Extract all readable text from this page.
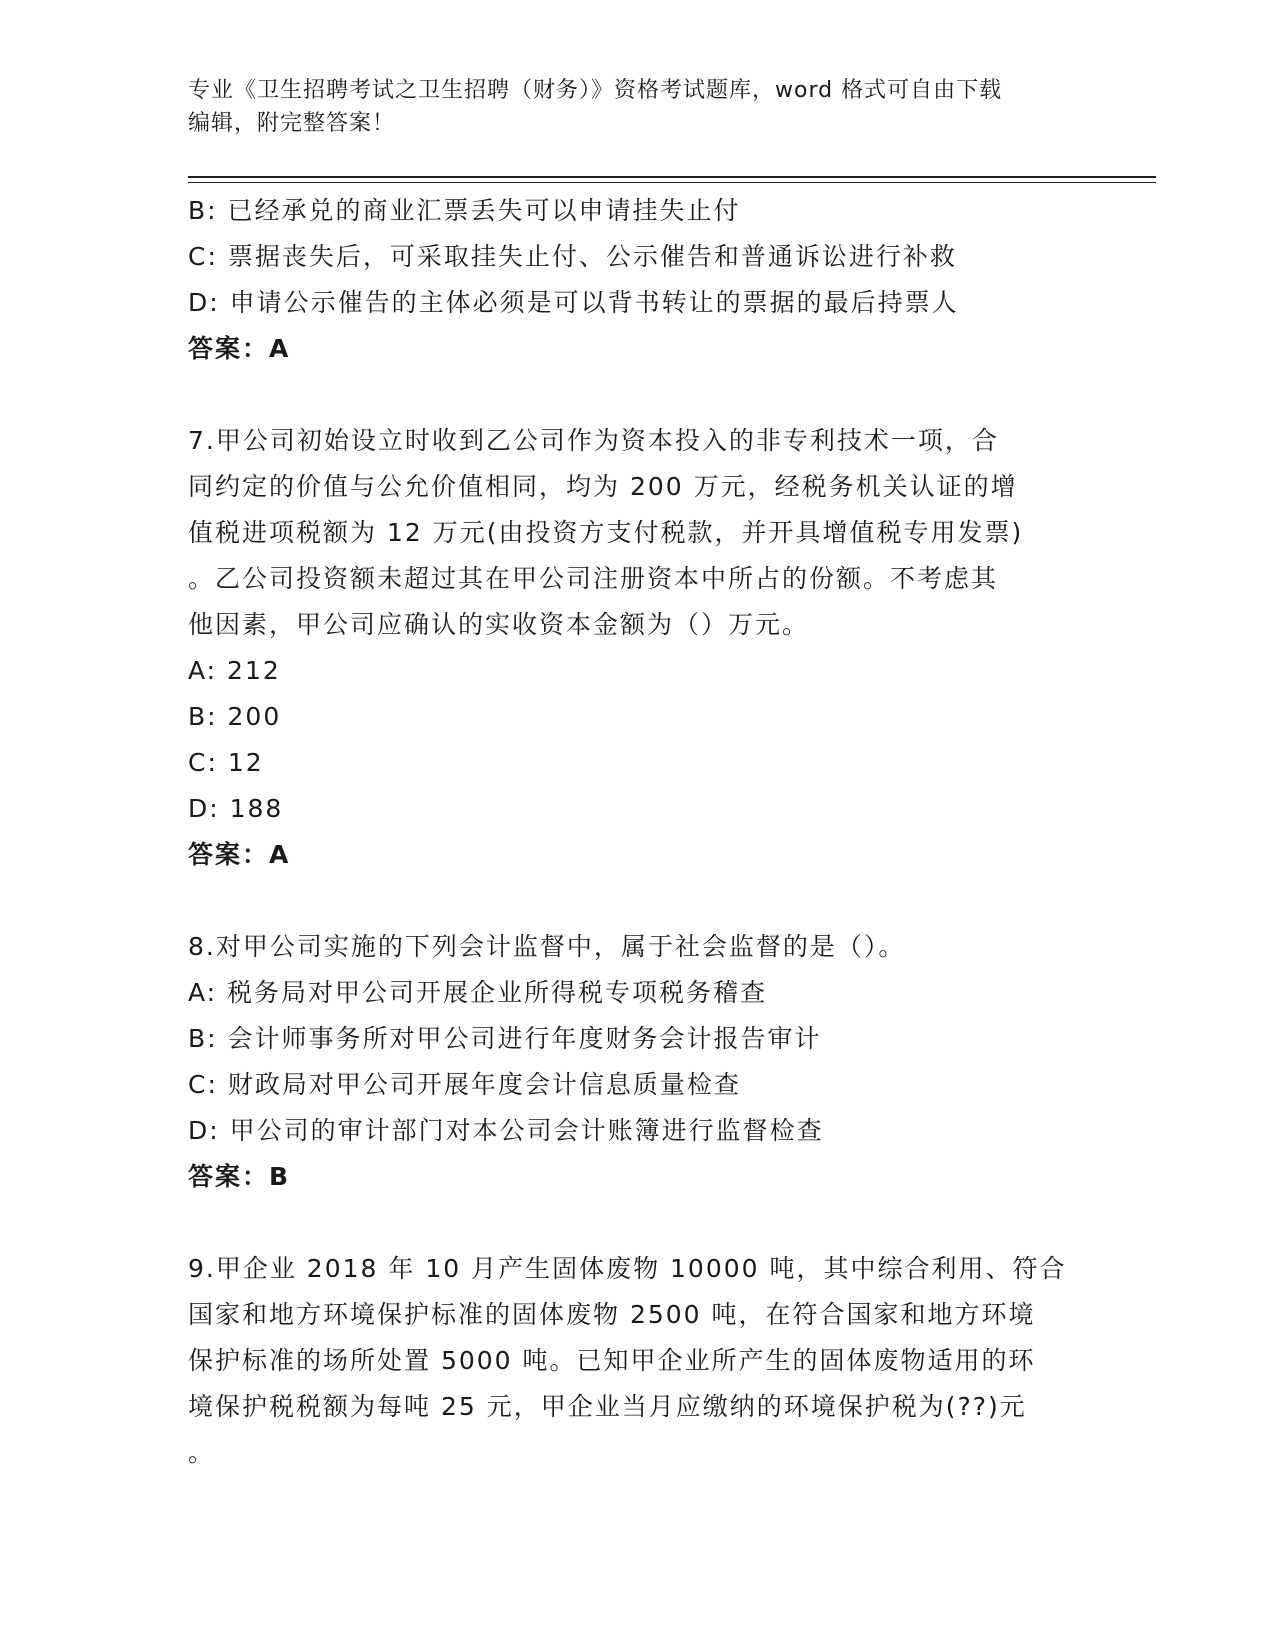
专业《卫生招聘考试之卫生招聘（财务）》资格考试题库，word 格式可自由下载
编辑，附完整答案！
B: 已经承兑的商业汇票丢失可以申请挂失止付
C: 票据丧失后，可采取挂失止付、公示催告和普通诉讼进行补救
D: 申请公示催告的主体必须是可以背书转让的票据的最后持票人
答案：A
7.甲公司初始设立时收到乙公司作为资本投入的非专利技术一项，合
同约定的价值与公允价值相同，均为 200 万元，经税务机关认证的增
值税进项税额为 12 万元(由投资方支付税款，并开具增值税专用发票)
。乙公司投资额未超过其在甲公司注册资本中所占的份额。不考虑其
他因素，甲公司应确认的实收资本金额为（）万元。
A: 212
B: 200
C: 12
D: 188
答案：A
8.对甲公司实施的下列会计监督中，属于社会监督的是（）。
A: 税务局对甲公司开展企业所得税专项税务稽查
B: 会计师事务所对甲公司进行年度财务会计报告审计
C: 财政局对甲公司开展年度会计信息质量检查
D: 甲公司的审计部门对本公司会计账簿进行监督检查
答案：B
9.甲企业 2018 年 10 月产生固体废物 10000 吨，其中综合利用、符合
国家和地方环境保护标准的固体废物 2500 吨，在符合国家和地方环境
保护标准的场所处置 5000 吨。已知甲企业所产生的固体废物适用的环
境保护税税额为每吨 25 元，甲企业当月应缴纳的环境保护税为(??)元
。
